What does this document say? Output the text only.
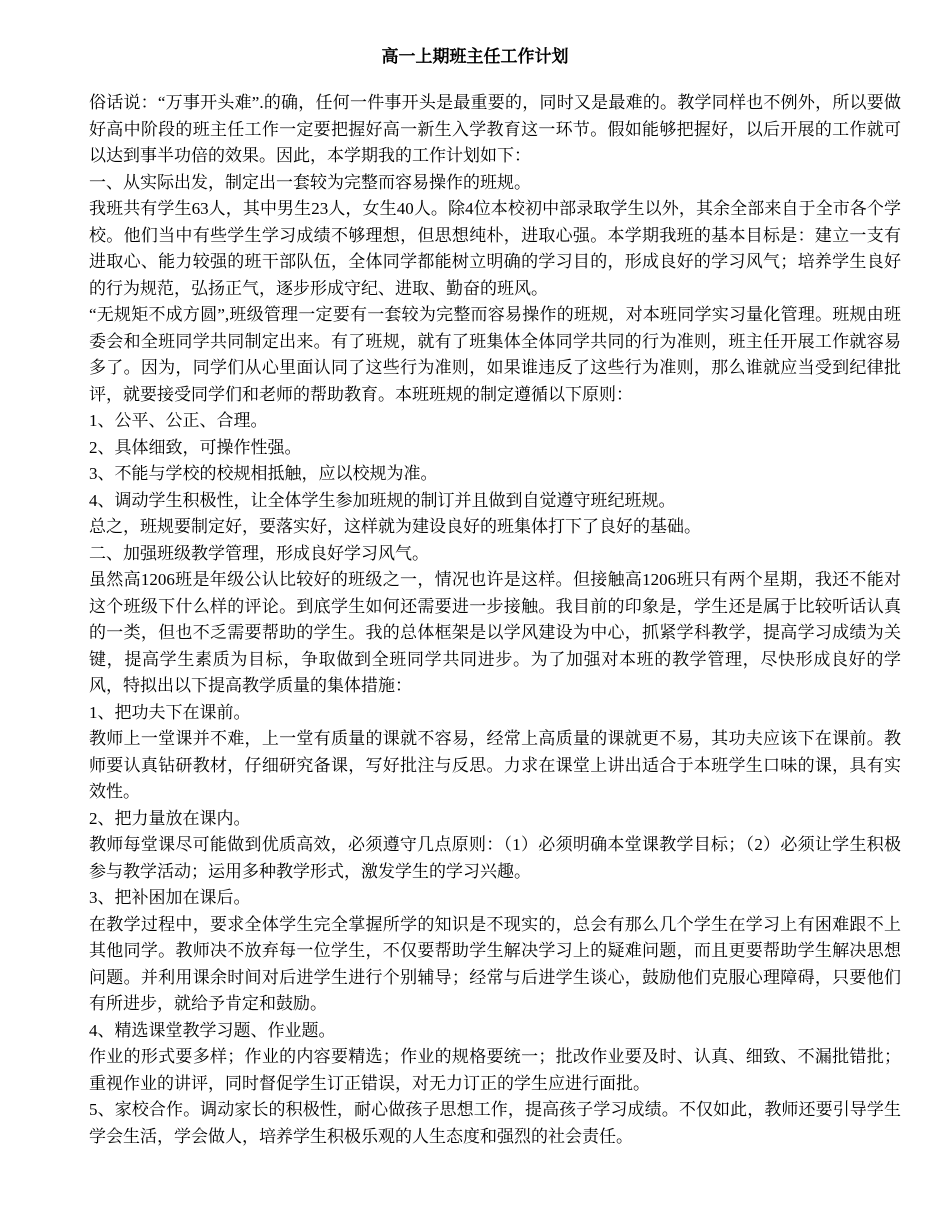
高一上期班主任工作计划

俗话说：“万事开头难”.的确，任何一件事开头是最重要的，同时又是最难的。教学同样也不例外，所以要做好高中阶段的班主任工作一定要把握好高一新生入学教育这一环节。假如能够把握好，以后开展的工作就可以达到事半功倍的效果。因此，本学期我的工作计划如下：

一、从实际出发，制定出一套较为完整而容易操作的班规。

我班共有学生63人，其中男生23人，女生40人。除4位本校初中部录取学生以外，其余全部来自于全市各个学校。他们当中有些学生学习成绩不够理想，但思想纯朴，进取心强。本学期我班的基本目标是：建立一支有进取心、能力较强的班干部队伍，全体同学都能树立明确的学习目的，形成良好的学习风气；培养学生良好的行为规范，弘扬正气，逐步形成守纪、进取、勤奋的班风。

“无规矩不成方圆”,班级管理一定要有一套较为完整而容易操作的班规，对本班同学实习量化管理。班规由班委会和全班同学共同制定出来。有了班规，就有了班集体全体同学共同的行为准则，班主任开展工作就容易多了。因为，同学们从心里面认同了这些行为准则，如果谁违反了这些行为准则，那么谁就应当受到纪律批评，就要接受同学们和老师的帮助教育。本班班规的制定遵循以下原则：

1、公平、公正、合理。

2、具体细致，可操作性强。

3、不能与学校的校规相抵触，应以校规为准。

4、调动学生积极性，让全体学生参加班规的制订并且做到自觉遵守班纪班规。

总之，班规要制定好，要落实好，这样就为建设良好的班集体打下了良好的基础。

二、加强班级教学管理，形成良好学习风气。

虽然高1206班是年级公认比较好的班级之一，情况也许是这样。但接触高1206班只有两个星期，我还不能对这个班级下什么样的评论。到底学生如何还需要进一步接触。我目前的印象是，学生还是属于比较听话认真的一类，但也不乏需要帮助的学生。我的总体框架是以学风建设为中心，抓紧学科教学，提高学习成绩为关键，提高学生素质为目标，争取做到全班同学共同进步。为了加强对本班的教学管理，尽快形成良好的学风，特拟出以下提高教学质量的集体措施：

1、把功夫下在课前。

教师上一堂课并不难，上一堂有质量的课就不容易，经常上高质量的课就更不易，其功夫应该下在课前。教师要认真钻研教材，仔细研究备课，写好批注与反思。力求在课堂上讲出适合于本班学生口味的课，具有实效性。

2、把力量放在课内。

教师每堂课尽可能做到优质高效，必须遵守几点原则：（1）必须明确本堂课教学目标；（2）必须让学生积极参与教学活动；运用多种教学形式，激发学生的学习兴趣。

3、把补困加在课后。

在教学过程中，要求全体学生完全掌握所学的知识是不现实的，总会有那么几个学生在学习上有困难跟不上其他同学。教师决不放弃每一位学生，不仅要帮助学生解决学习上的疑难问题，而且更要帮助学生解决思想问题。并利用课余时间对后进学生进行个别辅导；经常与后进学生谈心，鼓励他们克服心理障碍，只要他们有所进步，就给予肯定和鼓励。

4、精选课堂教学习题、作业题。

作业的形式要多样；作业的内容要精选；作业的规格要统一；批改作业要及时、认真、细致、不漏批错批；重视作业的讲评，同时督促学生订正错误，对无力订正的学生应进行面批。

5、家校合作。调动家长的积极性，耐心做孩子思想工作，提高孩子学习成绩。不仅如此，教师还要引导学生学会生活，学会做人，培养学生积极乐观的人生态度和强烈的社会责任。
